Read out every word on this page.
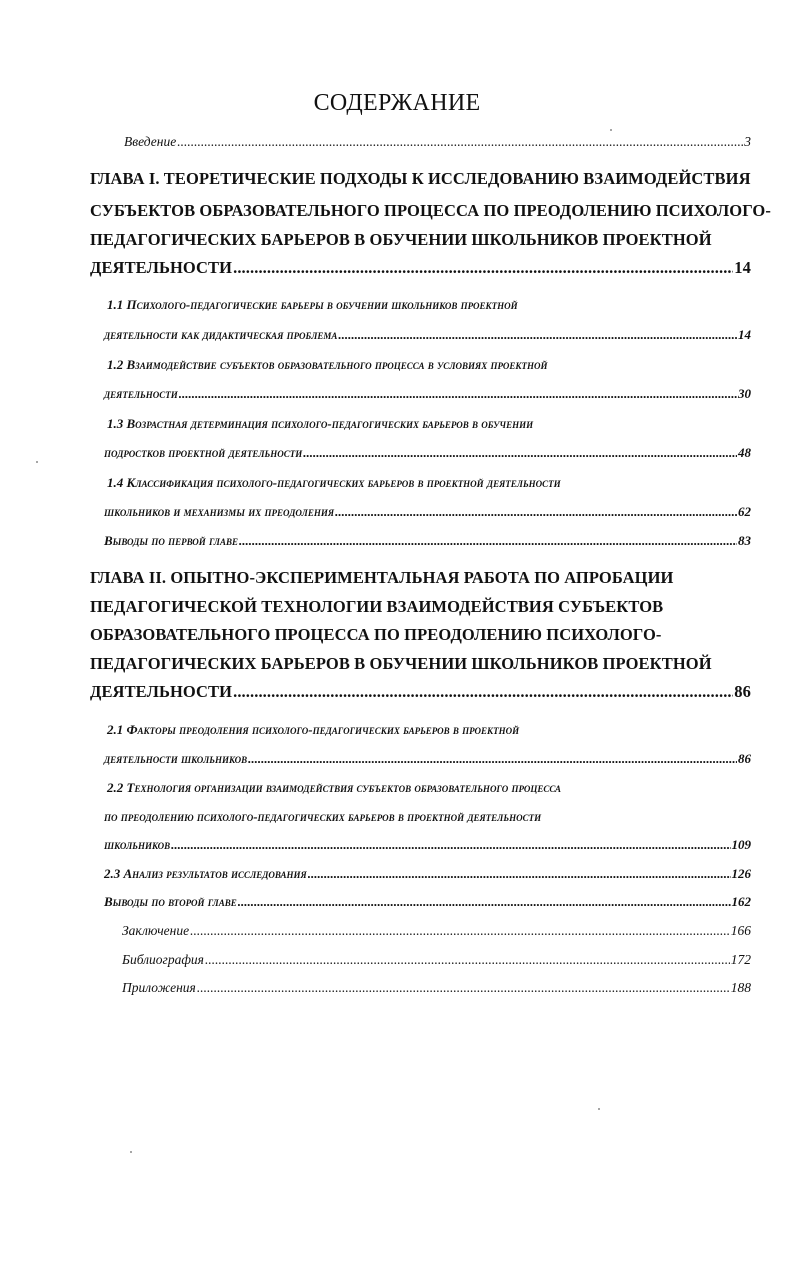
СОДЕРЖАНИЕ
Введение .....	3
ГЛАВА I. ТЕОРЕТИЧЕСКИЕ ПОДХОДЫ К ИССЛЕДОВАНИЮ ВЗАИМОДЕЙСТВИЯ
СУБЪЕКТОВ ОБРАЗОВАТЕЛЬНОГО ПРОЦЕССА ПО ПРЕОДОЛЕНИЮ ПСИХОЛОГО-
ПЕДАГОГИЧЕСКИХ БАРЬЕРОВ В ОБУЧЕНИИ ШКОЛЬНИКОВ ПРОЕКТНОЙ
ДЕЯТЕЛЬНОСТИ .....	14
1.1 Психолого-педагогические барьеры в обучении школьников проектной
деятельности как дидактическая проблема .....	14
1.2 Взаимодействие субъектов образовательного процесса в условиях проектной
деятельности .....	30
1.3 Возрастная детерминация психолого-педагогических барьеров в обучении
подростков проектной деятельности .....	48
1.4 Классификация психолого-педагогических барьеров в проектной деятельности
школьников и механизмы их преодоления .....	62
Выводы по первой главе .....	83
ГЛАВА II. ОПЫТНО-ЭКСПЕРИМЕНТАЛЬНАЯ РАБОТА ПО АПРОБАЦИИ
ПЕДАГОГИЧЕСКОЙ ТЕХНОЛОГИИ ВЗАИМОДЕЙСТВИЯ СУБЪЕКТОВ
ОБРАЗОВАТЕЛЬНОГО ПРОЦЕССА ПО ПРЕОДОЛЕНИЮ ПСИХОЛОГО-
ПЕДАГОГИЧЕСКИХ БАРЬЕРОВ В ОБУЧЕНИИ ШКОЛЬНИКОВ ПРОЕКТНОЙ
ДЕЯТЕЛЬНОСТИ .....	86
2.1 Факторы преодоления психолого-педагогических барьеров в проектной
деятельности школьников .....	86
2.2 Технология организации взаимодействия субъектов образовательного процесса
по преодолению психолого-педагогических барьеров в проектной деятельности
школьников .....	109
2.3 Анализ результатов исследования .....	126
Выводы по второй главе .....	162
Заключение .....	166
Библиография .....	172
Приложения .....	188
